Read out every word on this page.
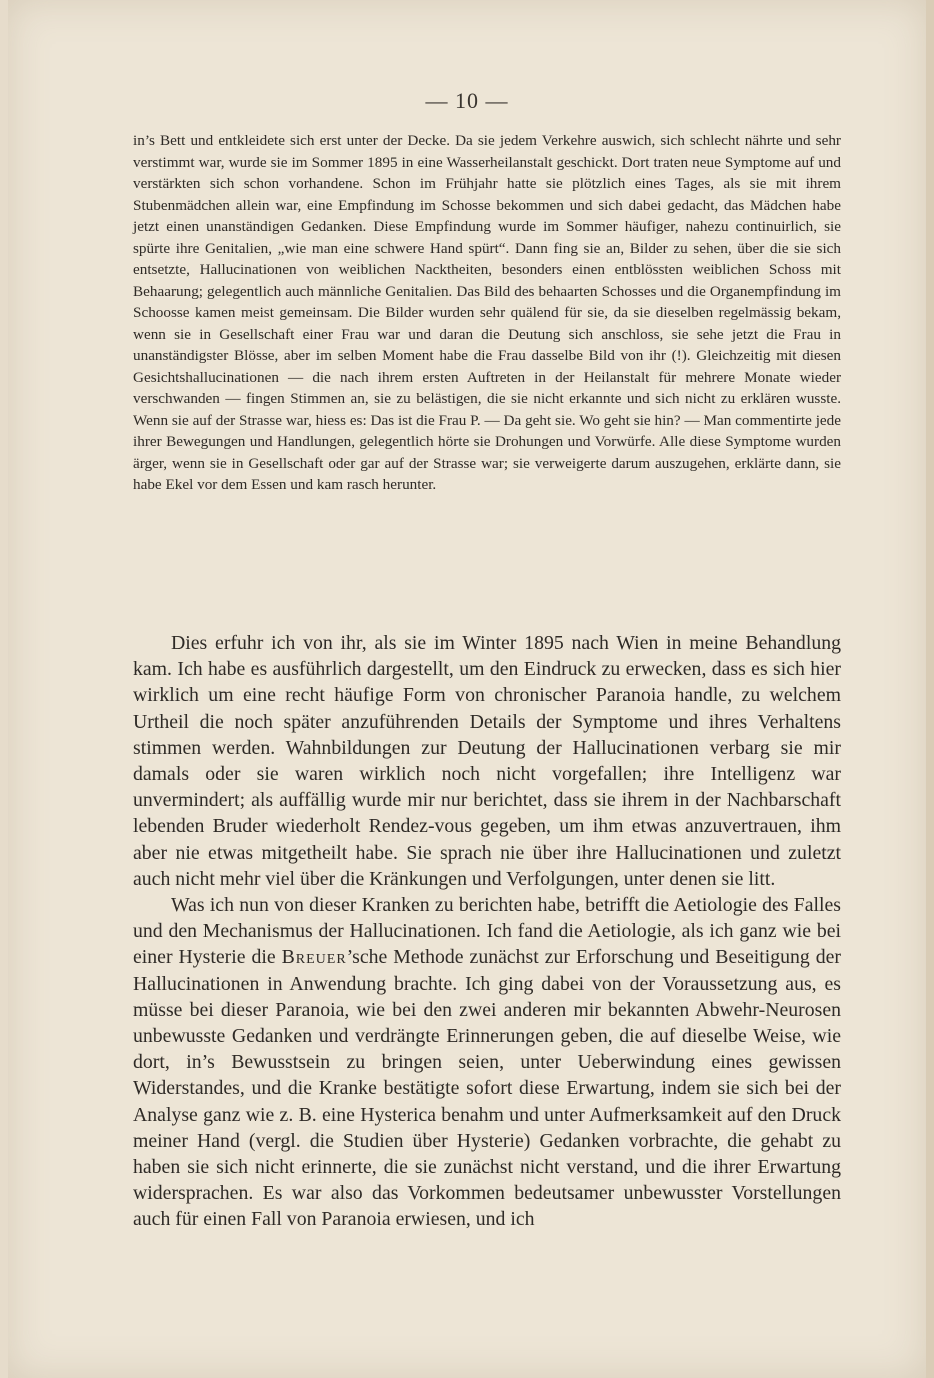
— 10 —

in’s Bett und entkleidete sich erst unter der Decke. Da sie jedem Verkehre auswich, sich schlecht nährte und sehr verstimmt war, wurde sie im Sommer 1895 in eine Wasserheilanstalt geschickt. Dort traten neue Symptome auf und verstärkten sich schon vorhandene. Schon im Frühjahr hatte sie plötzlich eines Tages, als sie mit ihrem Stubenmädchen allein war, eine Empfindung im Schosse bekommen und sich dabei gedacht, das Mädchen habe jetzt einen unanständigen Gedanken. Diese Empfindung wurde im Sommer häufiger, nahezu continuirlich, sie spürte ihre Genitalien, „wie man eine schwere Hand spürt“. Dann fing sie an, Bilder zu sehen, über die sie sich entsetzte, Hallucinationen von weiblichen Nacktheiten, besonders einen entblössten weiblichen Schoss mit Behaarung; gelegentlich auch männliche Genitalien. Das Bild des behaarten Schosses und die Organempfindung im Schoosse kamen meist gemeinsam. Die Bilder wurden sehr quälend für sie, da sie dieselben regelmässig bekam, wenn sie in Gesellschaft einer Frau war und daran die Deutung sich anschloss, sie sehe jetzt die Frau in unanständigster Blösse, aber im selben Moment habe die Frau dasselbe Bild von ihr (!). Gleichzeitig mit diesen Gesichtshallucinationen — die nach ihrem ersten Auftreten in der Heilanstalt für mehrere Monate wieder verschwanden — fingen Stimmen an, sie zu belästigen, die sie nicht erkannte und sich nicht zu erklären wusste. Wenn sie auf der Strasse war, hiess es: Das ist die Frau P. — Da geht sie. Wo geht sie hin? — Man commentirte jede ihrer Bewegungen und Handlungen, gelegentlich hörte sie Drohungen und Vorwürfe. Alle diese Symptome wurden ärger, wenn sie in Gesellschaft oder gar auf der Strasse war; sie verweigerte darum auszugehen, erklärte dann, sie habe Ekel vor dem Essen und kam rasch herunter.

Dies erfuhr ich von ihr, als sie im Winter 1895 nach Wien in meine Behandlung kam. Ich habe es ausführlich dargestellt, um den Eindruck zu erwecken, dass es sich hier wirklich um eine recht häufige Form von chronischer Paranoia handle, zu welchem Urtheil die noch später anzuführenden Details der Symptome und ihres Verhaltens stimmen werden. Wahnbildungen zur Deutung der Hallucinationen verbarg sie mir damals oder sie waren wirklich noch nicht vorgefallen; ihre Intelligenz war unvermindert; als auffällig wurde mir nur berichtet, dass sie ihrem in der Nachbarschaft lebenden Bruder wiederholt Rendez-vous gegeben, um ihm etwas anzuvertrauen, ihm aber nie etwas mitgetheilt habe. Sie sprach nie über ihre Hallucinationen und zuletzt auch nicht mehr viel über die Kränkungen und Verfolgungen, unter denen sie litt.

Was ich nun von dieser Kranken zu berichten habe, betrifft die Aetiologie des Falles und den Mechanismus der Hallucinationen. Ich fand die Aetiologie, als ich ganz wie bei einer Hysterie die Breuer’sche Methode zunächst zur Erforschung und Beseitigung der Hallucinationen in Anwendung brachte. Ich ging dabei von der Voraussetzung aus, es müsse bei dieser Paranoia, wie bei den zwei anderen mir bekannten Abwehr-Neurosen unbewusste Gedanken und verdrängte Erinnerungen geben, die auf dieselbe Weise, wie dort, in’s Bewusstsein zu bringen seien, unter Ueberwindung eines gewissen Widerstandes, und die Kranke bestätigte sofort diese Erwartung, indem sie sich bei der Analyse ganz wie z. B. eine Hysterica benahm und unter Aufmerksamkeit auf den Druck meiner Hand (vergl. die Studien über Hysterie) Gedanken vorbrachte, die gehabt zu haben sie sich nicht erinnerte, die sie zunächst nicht verstand, und die ihrer Erwartung widersprachen. Es war also das Vorkommen bedeutsamer unbewusster Vorstellungen auch für einen Fall von Paranoia erwiesen, und ich
